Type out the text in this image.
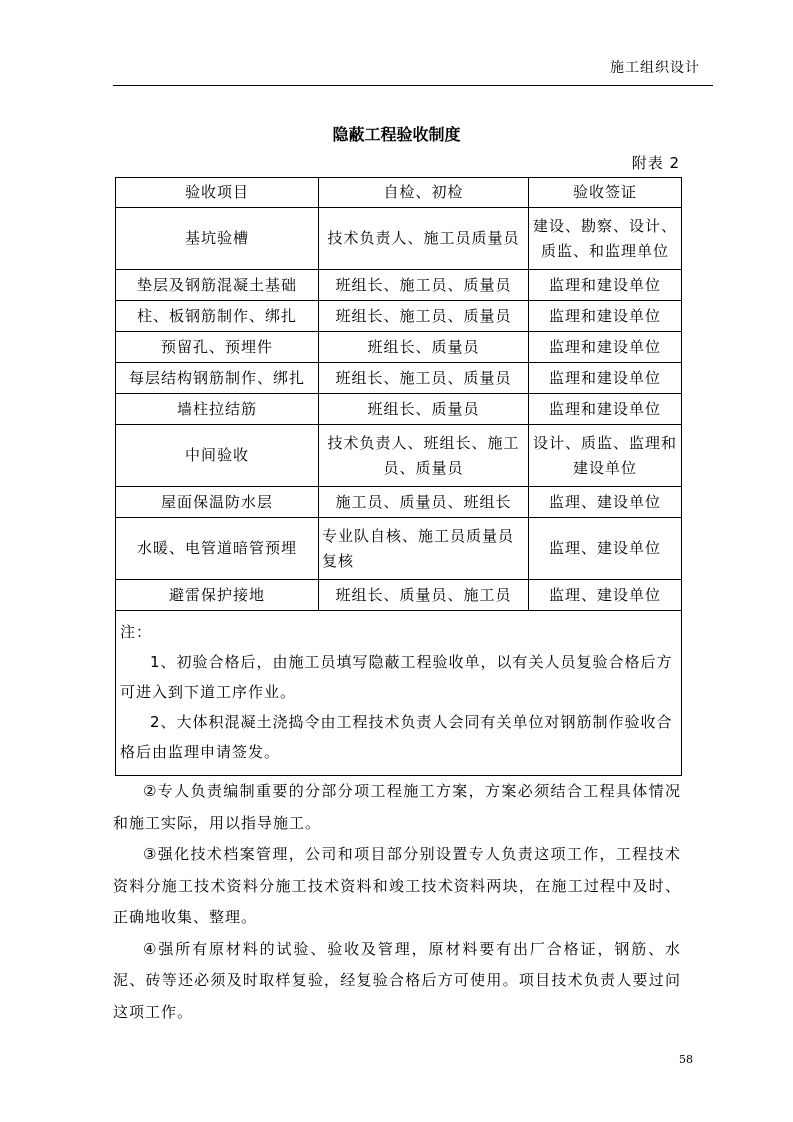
施工组织设计
隐蔽工程验收制度
附表 2
验收项目	自检、初检	验收签证
基坑验槽	技术负责人、施工员质量员	建设、勘察、设计、质监、和监理单位
垫层及钢筋混凝土基础	班组长、施工员、质量员	监理和建设单位
柱、板钢筋制作、绑扎	班组长、施工员、质量员	监理和建设单位
预留孔、预埋件	班组长、质量员	监理和建设单位
每层结构钢筋制作、绑扎	班组长、施工员、质量员	监理和建设单位
墙柱拉结筋	班组长、质量员	监理和建设单位
中间验收	技术负责人、班组长、施工员、质量员	设计、质监、监理和建设单位
屋面保温防水层	施工员、质量员、班组长	监理、建设单位
水暖、电管道暗管预埋	专业队自核、施工员质量员复核	监理、建设单位
避雷保护接地	班组长、质量员、施工员	监理、建设单位

注：

1、初验合格后，由施工员填写隐蔽工程验收单，以有关人员复验合格后方可进入到下道工序作业。

2、大体积混凝土浇捣令由工程技术负责人会同有关单位对钢筋制作验收合格后由监理申请签发。		

②专人负责编制重要的分部分项工程施工方案，方案必须结合工程具体情况和施工实际，用以指导施工。

③强化技术档案管理，公司和项目部分别设置专人负责这项工作，工程技术资料分施工技术资料分施工技术资料和竣工技术资料两块，在施工过程中及时、正确地收集、整理。

④强所有原材料的试验、验收及管理，原材料要有出厂合格证，钢筋、水泥、砖等还必须及时取样复验，经复验合格后方可使用。项目技术负责人要过问这项工作。

58
